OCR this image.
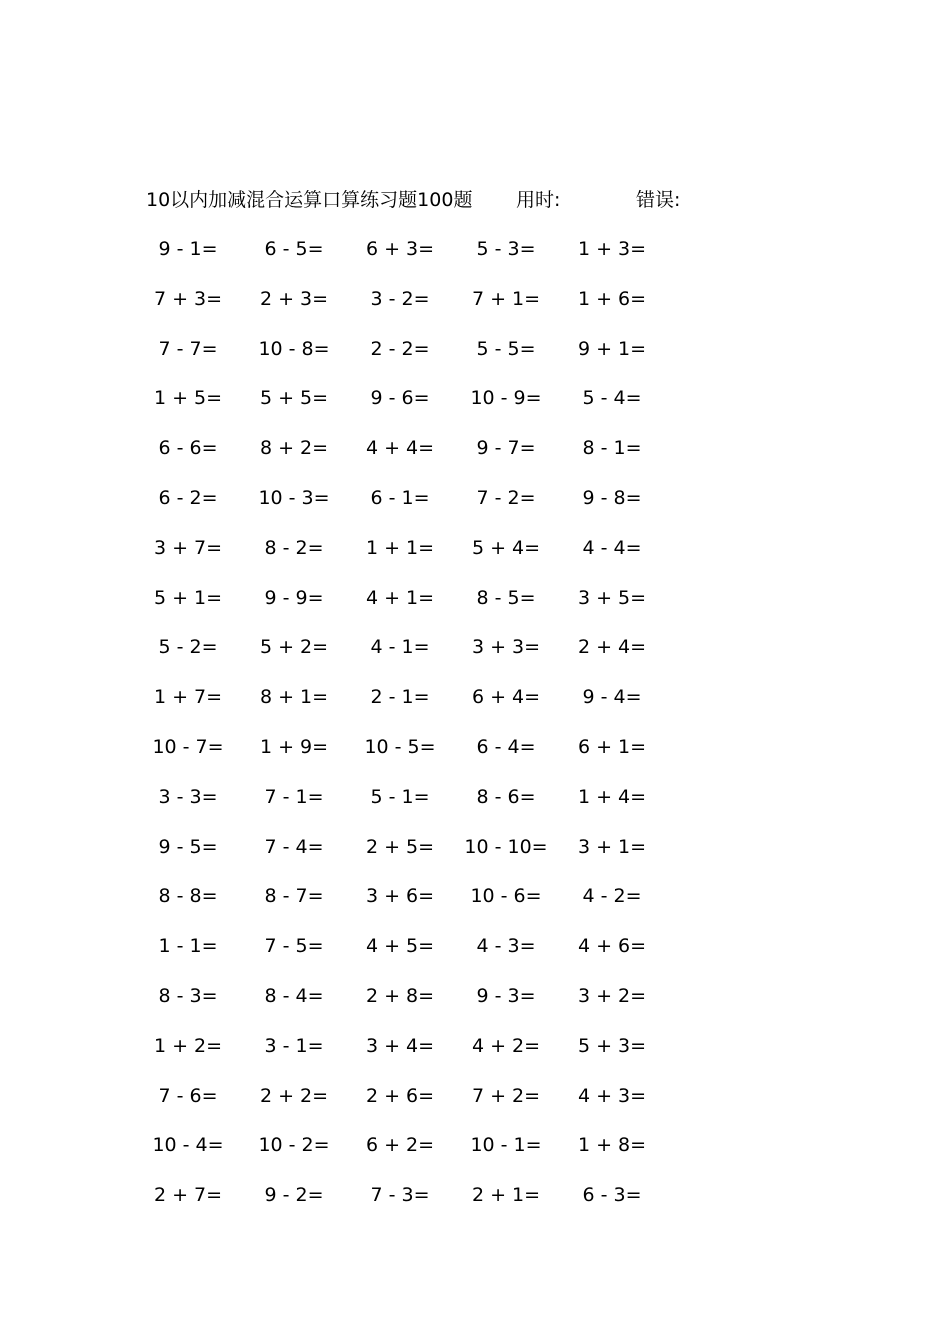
10以内加减混合运算口算练习题100题 用时:	错误:
9 - 1= 6 - 5= 6 + 3= 5 - 3= 1 + 3=
7 + 3= 2 + 3= 3 - 2= 7 + 1= 1 + 6=
7 - 7= 10 - 8= 2 - 2= 5 - 5= 9 + 1=
1 + 5= 5 + 5= 9 - 6= 10 - 9= 5 - 4=
6 - 6= 8 + 2= 4 + 4= 9 - 7= 8 - 1=
6 - 2= 10 - 3= 6 - 1= 7 - 2= 9 - 8=
3 + 7= 8 - 2= 1 + 1= 5 + 4= 4 - 4=
5 + 1= 9 - 9= 4 + 1= 8 - 5= 3 + 5=
5 - 2= 5 + 2= 4 - 1= 3 + 3= 2 + 4=
1 + 7= 8 + 1= 2 - 1= 6 + 4= 9 - 4=
10 - 7= 1 + 9= 10 - 5= 6 - 4= 6 + 1=
3 - 3= 7 - 1= 5 - 1= 8 - 6= 1 + 4=
9 - 5= 7 - 4= 2 + 5= 10 - 10= 3 + 1=
8 - 8= 8 - 7= 3 + 6= 10 - 6= 4 - 2=
1 - 1= 7 - 5= 4 + 5= 4 - 3= 4 + 6=
8 - 3= 8 - 4= 2 + 8= 9 - 3= 3 + 2=
1 + 2= 3 - 1= 3 + 4= 4 + 2= 5 + 3=
7 - 6= 2 + 2= 2 + 6= 7 + 2= 4 + 3=
10 - 4= 10 - 2= 6 + 2= 10 - 1= 1 + 8=
2 + 7= 9 - 2= 7 - 3= 2 + 1= 6 - 3=
